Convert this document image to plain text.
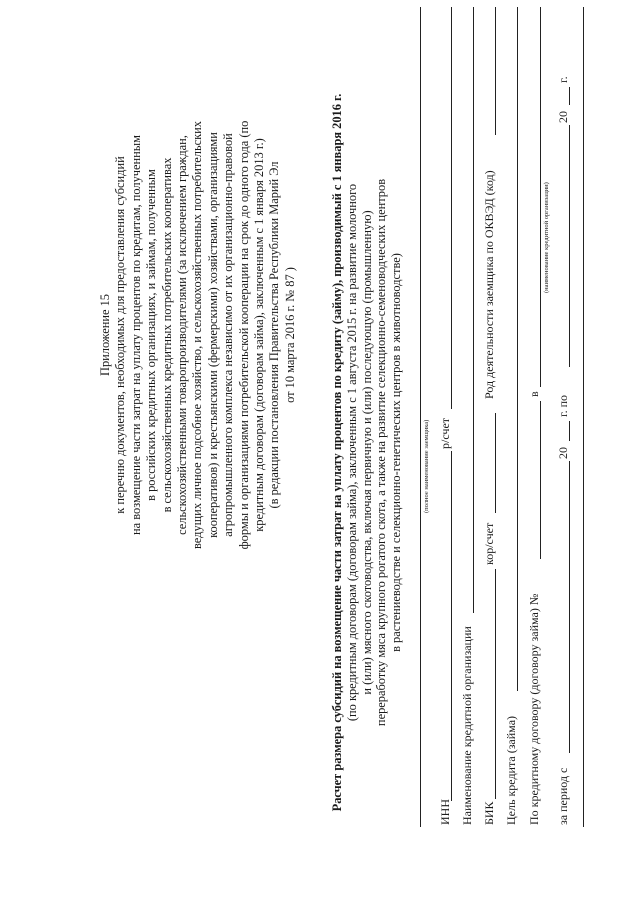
Приложение 15 к перечню документов, необходимых для предоставления субсидий на возмещение части затрат на уплату процентов по кредитам, полученным в российских кредитных организациях, и займам, полученным в сельскохозяйственных кредитных потребительских кооперативах сельскохозяйственными товаропроизводителями (за исключением граждан, ведущих личное подсобное хозяйство, и сельскохозяйственных потребительских кооперативов) и крестьянскими (фермерскими) хозяйствами, организациями агропромышленного комплекса независимо от их организационно-правовой формы и организациями потребительской кооперации на срок до одного года (по кредитным договорам (договорам займа), заключенным с 1 января 2013 г.) (в редакции постановления Правительства Республики Марий Эл от 10 марта 2016 г. № 87 )	Расчет размера субсидий на возмещение части затрат на уплату процентов по кредиту (займу), производимый с 1 января 2016 г. (по кредитным договорам (договорам займа), заключенным с 1 августа 2015 г. на развитие молочного и (или) мясного скотоводства, включая первичную и (или) последующую (промышленную) переработку мяса крупного рогатого скота, а также на развитие селекционно-семеноводческих центров в растениеводстве и селекционно-генетических центров в животноводстве)	(полное наименование заемщика)
ИНН
р/счет
Наименование кредитной организации БИК
кор/счет
Род деятельности заемщика по ОКВЭД (код)
Цель кредита (займа) По кредитному договору (договору займа) №
в
(наименование кредитной организации)
за период с
20
г. по
20
г.
